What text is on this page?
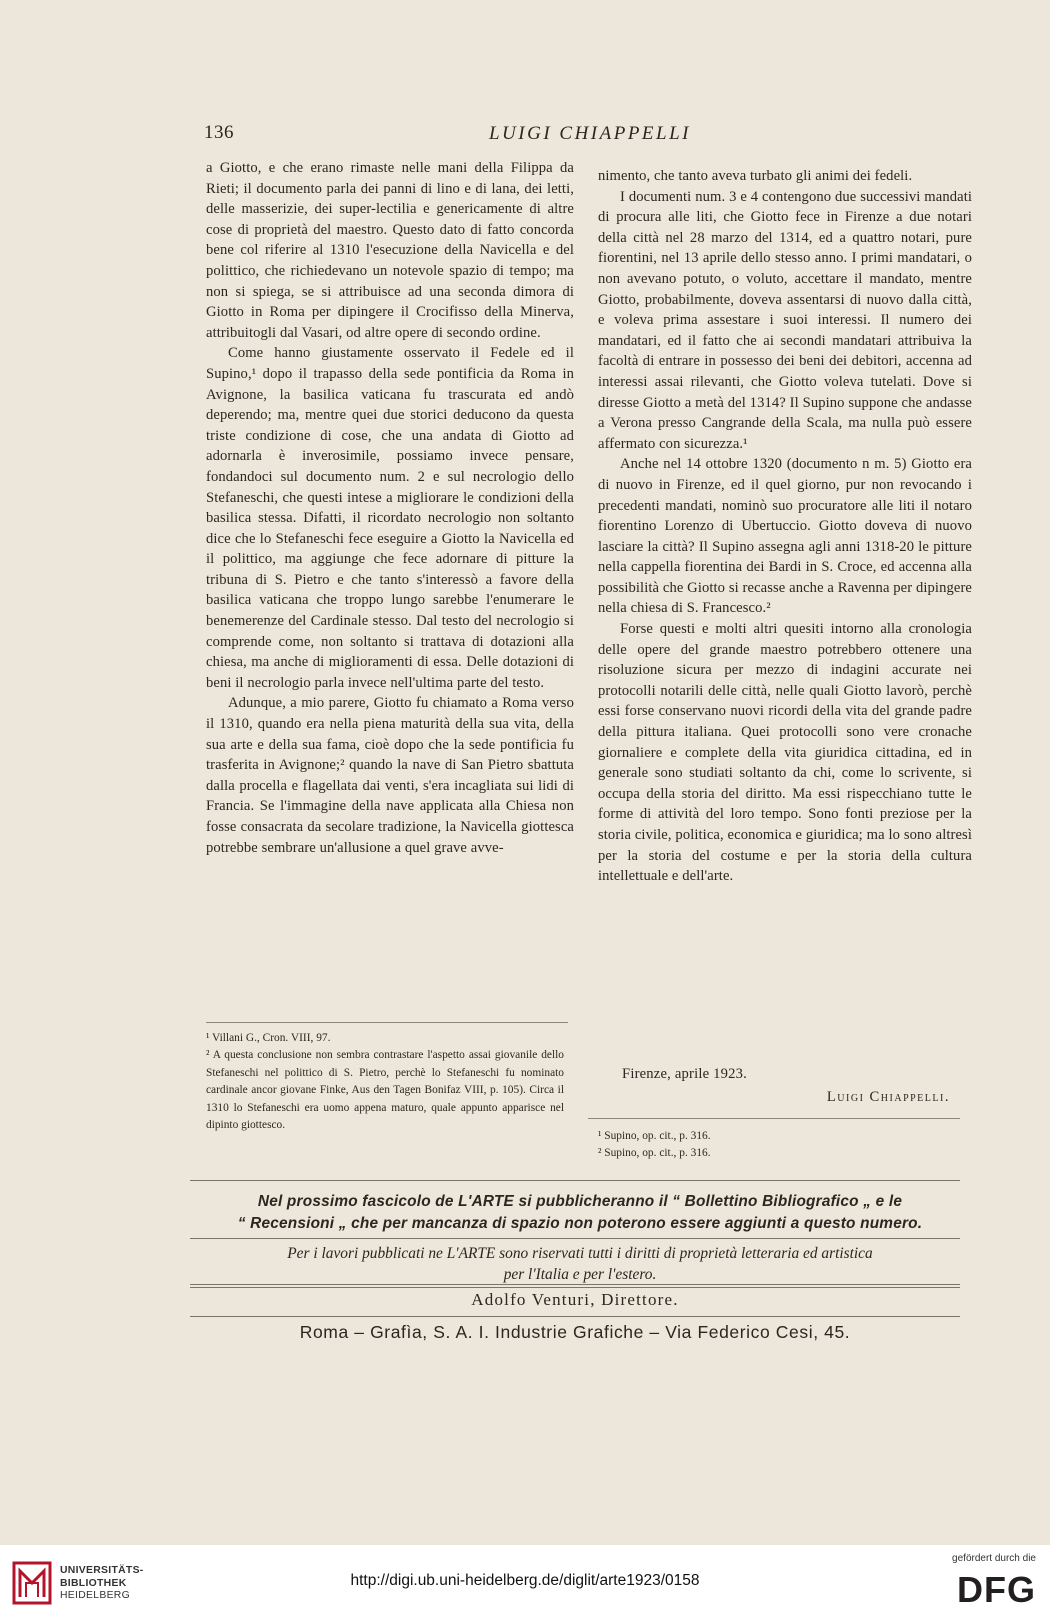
136	LUIGI CHIAPPELLI

a Giotto, e che erano rimaste nelle mani della Filippa da Rieti; il documento parla dei panni di lino e di lana, dei letti, delle masserizie, dei super-lectilia e genericamente di altre cose di proprietà del maestro. Questo dato di fatto concorda bene col riferire al 1310 l'esecuzione della Navicella e del polittico, che richiedevano un notevole spazio di tempo; ma non si spiega, se si attribuisce ad una seconda dimora di Giotto in Roma per dipingere il Crocifisso della Minerva, attribuitogli dal Vasari, od altre opere di secondo ordine.

Come hanno giustamente osservato il Fedele ed il Supino,¹ dopo il trapasso della sede pontificia da Roma in Avignone, la basilica vaticana fu trascurata ed andò deperendo; ma, mentre quei due storici deducono da questa triste condizione di cose, che una andata di Giotto ad adornarla è inverosimile, possiamo invece pensare, fondandoci sul documento num. 2 e sul necrologio dello Stefaneschi, che questi intese a migliorare le condizioni della basilica stessa. Difatti, il ricordato necrologio non soltanto dice che lo Stefaneschi fece eseguire a Giotto la Navicella ed il polittico, ma aggiunge che fece adornare di pitture la tribuna di S. Pietro e che tanto s'interessò a favore della basilica vaticana che troppo lungo sarebbe l'enumerare le benemerenze del Cardinale stesso. Dal testo del necrologio si comprende come, non soltanto si trattava di dotazioni alla chiesa, ma anche di miglioramenti di essa. Delle dotazioni di beni il necrologio parla invece nell'ultima parte del testo.

Adunque, a mio parere, Giotto fu chiamato a Roma verso il 1310, quando era nella piena maturità della sua vita, della sua arte e della sua fama, cioè dopo che la sede pontificia fu trasferita in Avignone;² quando la nave di San Pietro sbattuta dalla procella e flagellata dai venti, s'era incagliata sui lidi di Francia. Se l'immagine della nave applicata alla Chiesa non fosse consacrata da secolare tradizione, la Navicella giottesca potrebbe sembrare un'allusione a quel grave avve-

¹ Villani G., Cron. VIII, 97.

² A questa conclusione non sembra contrastare l'aspetto assai giovanile dello Stefaneschi nel polittico di S. Pietro, perchè lo Stefaneschi fu nominato cardinale ancor giovane Finke, Aus den Tagen Bonifaz VIII, p. 105). Circa il 1310 lo Stefaneschi era uomo appena maturo, quale appunto apparisce nel dipinto giottesco.

nimento, che tanto aveva turbato gli animi dei fedeli.

I documenti num. 3 e 4 contengono due successivi mandati di procura alle liti, che Giotto fece in Firenze a due notari della città nel 28 marzo del 1314, ed a quattro notari, pure fiorentini, nel 13 aprile dello stesso anno. I primi mandatari, o non avevano potuto, o voluto, accettare il mandato, mentre Giotto, probabilmente, doveva assentarsi di nuovo dalla città, e voleva prima assestare i suoi interessi. Il numero dei mandatari, ed il fatto che ai secondi mandatari attribuiva la facoltà di entrare in possesso dei beni dei debitori, accenna ad interessi assai rilevanti, che Giotto voleva tutelati. Dove si diresse Giotto a metà del 1314? Il Supino suppone che andasse a Verona presso Cangrande della Scala, ma nulla può essere affermato con sicurezza.¹

Anche nel 14 ottobre 1320 (documento n m. 5) Giotto era di nuovo in Firenze, ed il quel giorno, pur non revocando i precedenti mandati, nominò suo procuratore alle liti il notaro fiorentino Lorenzo di Ubertuccio. Giotto doveva di nuovo lasciare la città? Il Supino assegna agli anni 1318-20 le pitture nella cappella fiorentina dei Bardi in S. Croce, ed accenna alla possibilità che Giotto si recasse anche a Ravenna per dipingere nella chiesa di S. Francesco.²

Forse questi e molti altri quesiti intorno alla cronologia delle opere del grande maestro potrebbero ottenere una risoluzione sicura per mezzo di indagini accurate nei protocolli notarili delle città, nelle quali Giotto lavorò, perchè essi forse conservano nuovi ricordi della vita del grande padre della pittura italiana. Quei protocolli sono vere cronache giornaliere e complete della vita giuridica cittadina, ed in generale sono studiati soltanto da chi, come lo scrivente, si occupa della storia del diritto. Ma essi rispecchiano tutte le forme di attività del loro tempo. Sono fonti preziose per la storia civile, politica, economica e giuridica; ma lo sono altresì per la storia del costume e per la storia della cultura intellettuale e dell'arte.

Firenze, aprile 1923.
Luigi Chiappelli.

¹ Supino, op. cit., p. 316.

² Supino, op. cit., p. 316.

Nel prossimo fascicolo de L'ARTE si pubblicheranno il “ Bollettino Bibliografico „ e le
“ Recensioni „ che per mancanza di spazio non poterono essere aggiunti a questo numero.
Per i lavori pubblicati ne L'ARTE sono riservati tutti i diritti di proprietà letteraria ed artistica
per l'Italia e per l'estero.
Adolfo Venturi, Direttore.
Roma – Grafìa, S. A. I. Industrie Grafiche – Via Federico Cesi, 45.
UNIVERSITÄTS-
BIBLIOTHEK
HEIDELBERG
http://digi.ub.uni-heidelberg.de/diglit/arte1923/0158
gefördert durch die
DFG
